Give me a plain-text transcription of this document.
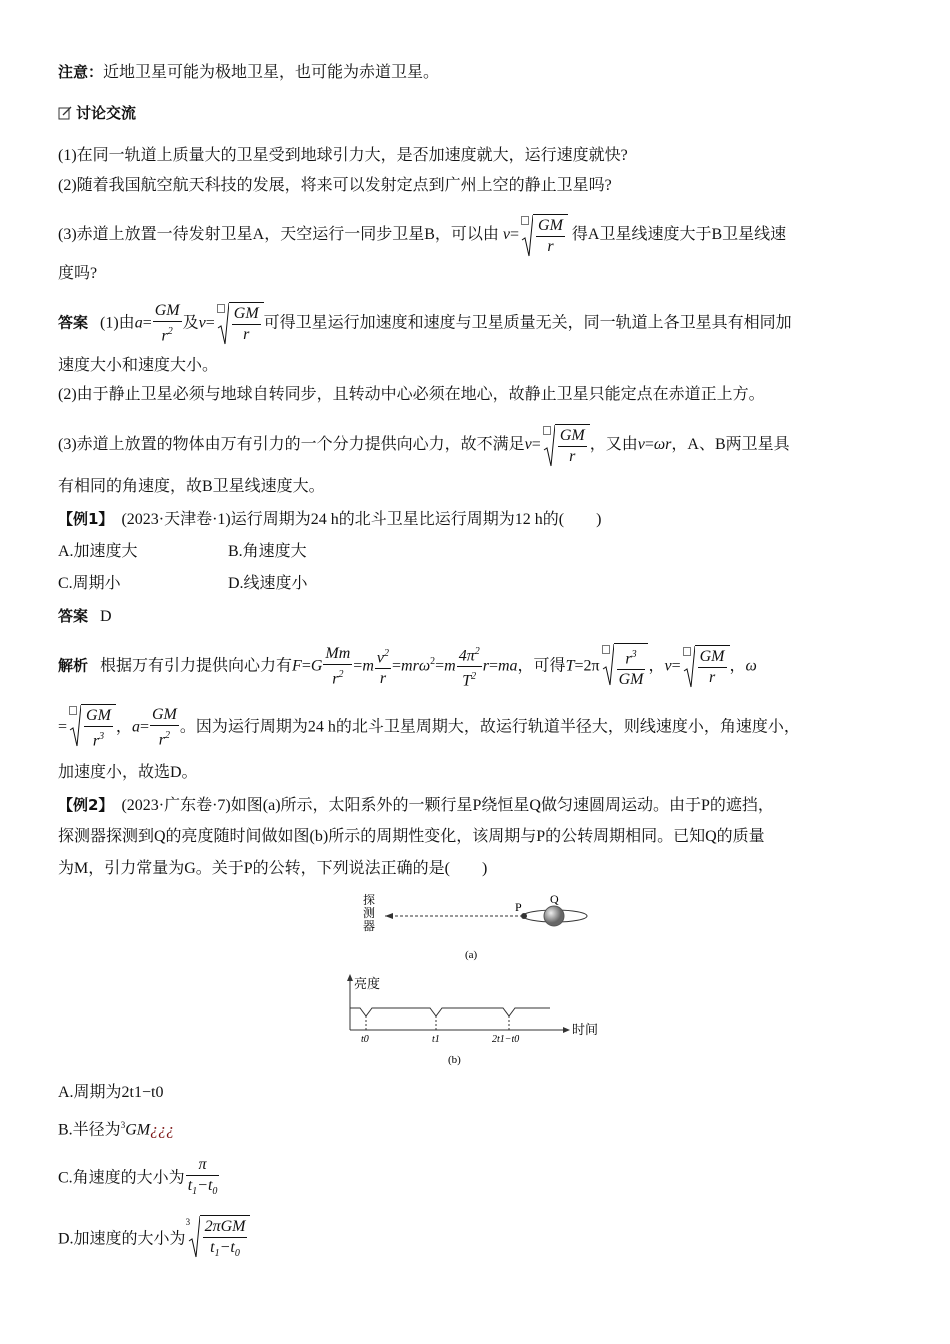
注意：近地卫星可能为极地卫星，也可能为赤道卫星。
讨论交流
(1)在同一轨道上质量大的卫星受到地球引力大，是否加速度就大，运行速度就快?
(2)随着我国航空航天科技的发展，将来可以发射定点到广州上空的静止卫星吗?
(3)赤道上放置一待发射卫星A，天空运行一同步卫星B，可以由 $v= \frac{GM}{r}$ 得A卫星线速度大于B卫星线速
度吗?
答案 (1)由$a= \frac{GM}{r^2}$ 及$v= \frac{GM}{r}$ 可得卫星运行加速度和速度与卫星质量无关，同一轨道上各卫星具有相同加
速度大小和速度大小。
(2)由于静止卫星必须与地球自转同步，且转动中心必须在地心，故静止卫星只能定点在赤道正上方。
(3)赤道上放置的物体由万有引力的一个分力提供向心力，故不满足$v= \frac{GM}{r}$ ，又由v=ωr，A、B两卫星具
有相同的角速度，故B卫星线速度大。
【例1】 (2023·天津卷·1)运行周期为24 h的北斗卫星比运行周期为12 h的(　　)
A.加速度大	B.角速度大
C.周期小	D.线速度小
答案 D
解析 根据万有引力提供向心力有$F=G \frac{Mm}{r^2} =m \frac{v^2}{r} =mr\omega^2=m \frac{4\pi^2}{T^2} r=ma$，可得$T=2\pi \frac{r^3}{GM}$ ，$v= \frac{GM}{r}$ ，ω
= $\frac{GM}{r^3}$ ，$a= \frac{GM}{r^2}$ 。因为运行周期为24 h的北斗卫星周期大，故运行轨道半径大，则线速度小，角速度小，
加速度小，故选D。
【例2】 (2023·广东卷·7)如图(a)所示，太阳系外的一颗行星P绕恒星Q做匀速圆周运动。由于P的遮挡，
探测器探测到Q的亮度随时间做如图(b)所示的周期性变化，该周期与P的公转周期相同。已知Q的质量
为M，引力常量为G。关于P的公转，下列说法正确的是(　　)
探测器
P
Q
(a)
亮度
时间
t0	t1	2t1−t0
(b)
A.周期为2t1−t0
B.半径为$^3$GM¿¿¿
C.角速度的大小为 $\frac{\pi}{t_1-t_0}$
D.加速度的大小为
$3 \frac{\text{2πGM}}{t_1-t_0}$
